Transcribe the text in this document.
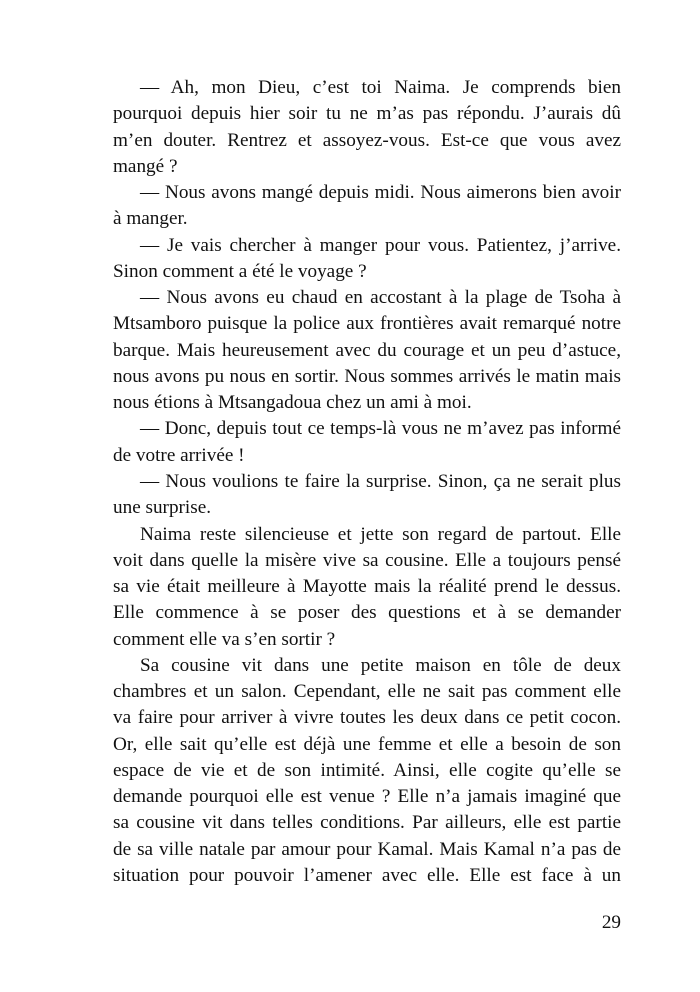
— Ah, mon Dieu, c’est toi Naima. Je comprends bien
pourquoi depuis hier soir tu ne m’as pas répondu. J’aurais dû
m’en douter. Rentrez et assoyez-vous. Est-ce que vous avez
mangé ?
— Nous avons mangé depuis midi. Nous aimerons bien avoir
à manger.
— Je vais chercher à manger pour vous. Patientez, j’arrive.
Sinon comment a été le voyage ?
— Nous avons eu chaud en accostant à la plage de Tsoha à
Mtsamboro puisque la police aux frontières avait remarqué notre
barque. Mais heureusement avec du courage et un peu d’astuce,
nous avons pu nous en sortir. Nous sommes arrivés le matin mais
nous étions à Mtsangadoua chez un ami à moi.
— Donc, depuis tout ce temps-là vous ne m’avez pas informé
de votre arrivée !
— Nous voulions te faire la surprise. Sinon, ça ne serait plus
une surprise.
Naima reste silencieuse et jette son regard de partout. Elle
voit dans quelle la misère vive sa cousine. Elle a toujours pensé
sa vie était meilleure à Mayotte mais la réalité prend le dessus.
Elle commence à se poser des questions et à se demander
comment elle va s’en sortir ?
Sa cousine vit dans une petite maison en tôle de deux
chambres et un salon. Cependant, elle ne sait pas comment elle
va faire pour arriver à vivre toutes les deux dans ce petit cocon.
Or, elle sait qu’elle est déjà une femme et elle a besoin de son
espace de vie et de son intimité. Ainsi, elle cogite qu’elle se
demande pourquoi elle est venue ? Elle n’a jamais imaginé que
sa cousine vit dans telles conditions. Par ailleurs, elle est partie
de sa ville natale par amour pour Kamal. Mais Kamal n’a pas de
situation pour pouvoir l’amener avec elle. Elle est face à un
29
